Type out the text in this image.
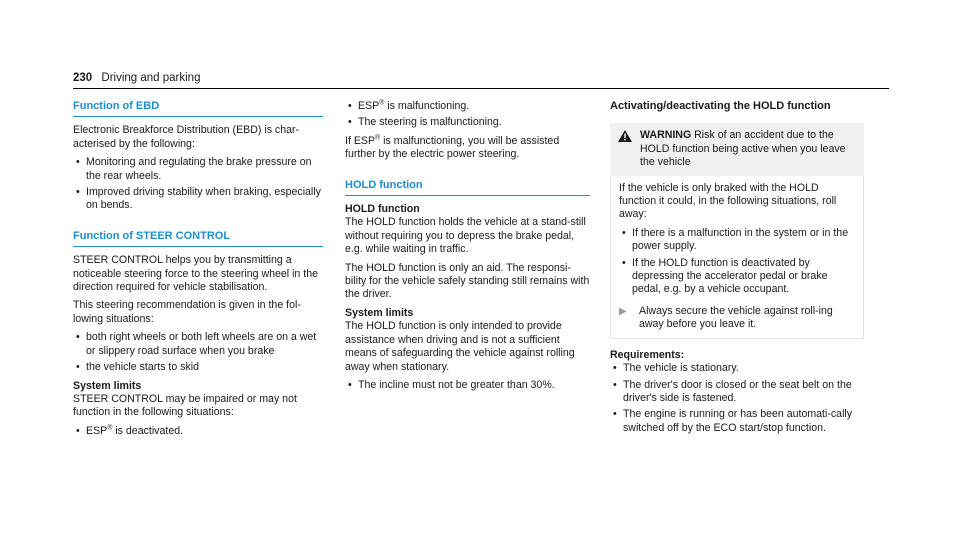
230 Driving and parking
Function of EBD

Electronic Breakforce Distribution (EBD) is char-acterised by the following:

• Monitoring and regulating the brake pressure on the rear wheels.
• Improved driving stability when braking, especially on bends.
Function of STEER CONTROL

STEER CONTROL helps you by transmitting a noticeable steering force to the steering wheel in the direction required for vehicle stabilisation.

This steering recommendation is given in the fol-lowing situations:

• both right wheels or both left wheels are on a wet or slippery road surface when you brake
• the vehicle starts to skid
System limits

STEER CONTROL may be impaired or may not function in the following situations:

• ESP® is deactivated.
• ESP® is malfunctioning.
• The steering is malfunctioning.

If ESP® is malfunctioning, you will be assisted further by the electric power steering.

HOLD function
HOLD function

The HOLD function holds the vehicle at a stand-still without requiring you to depress the brake pedal, e.g. while waiting in traffic.

The HOLD function is only an aid. The responsi-bility for the vehicle safely standing still remains with the driver.

System limits

The HOLD function is only intended to provide assistance when driving and is not a sufficient means of safeguarding the vehicle against rolling away when stationary.

• The incline must not be greater than 30%.
Activating/deactivating the HOLD function
WARNING Risk of an accident due to the HOLD function being active when you leave the vehicle

If the vehicle is only braked with the HOLD function it could, in the following situations, roll away:

• If there is a malfunction in the system or in the power supply.
• If the HOLD function is deactivated by depressing the accelerator pedal or brake pedal, e.g. by a vehicle occupant.
▶	Always secure the vehicle against roll-ing away before you leave it.
Requirements:
• The vehicle is stationary.
• The driver's door is closed or the seat belt on the driver's side is fastened.
• The engine is running or has been automati-cally switched off by the ECO start/stop function.
